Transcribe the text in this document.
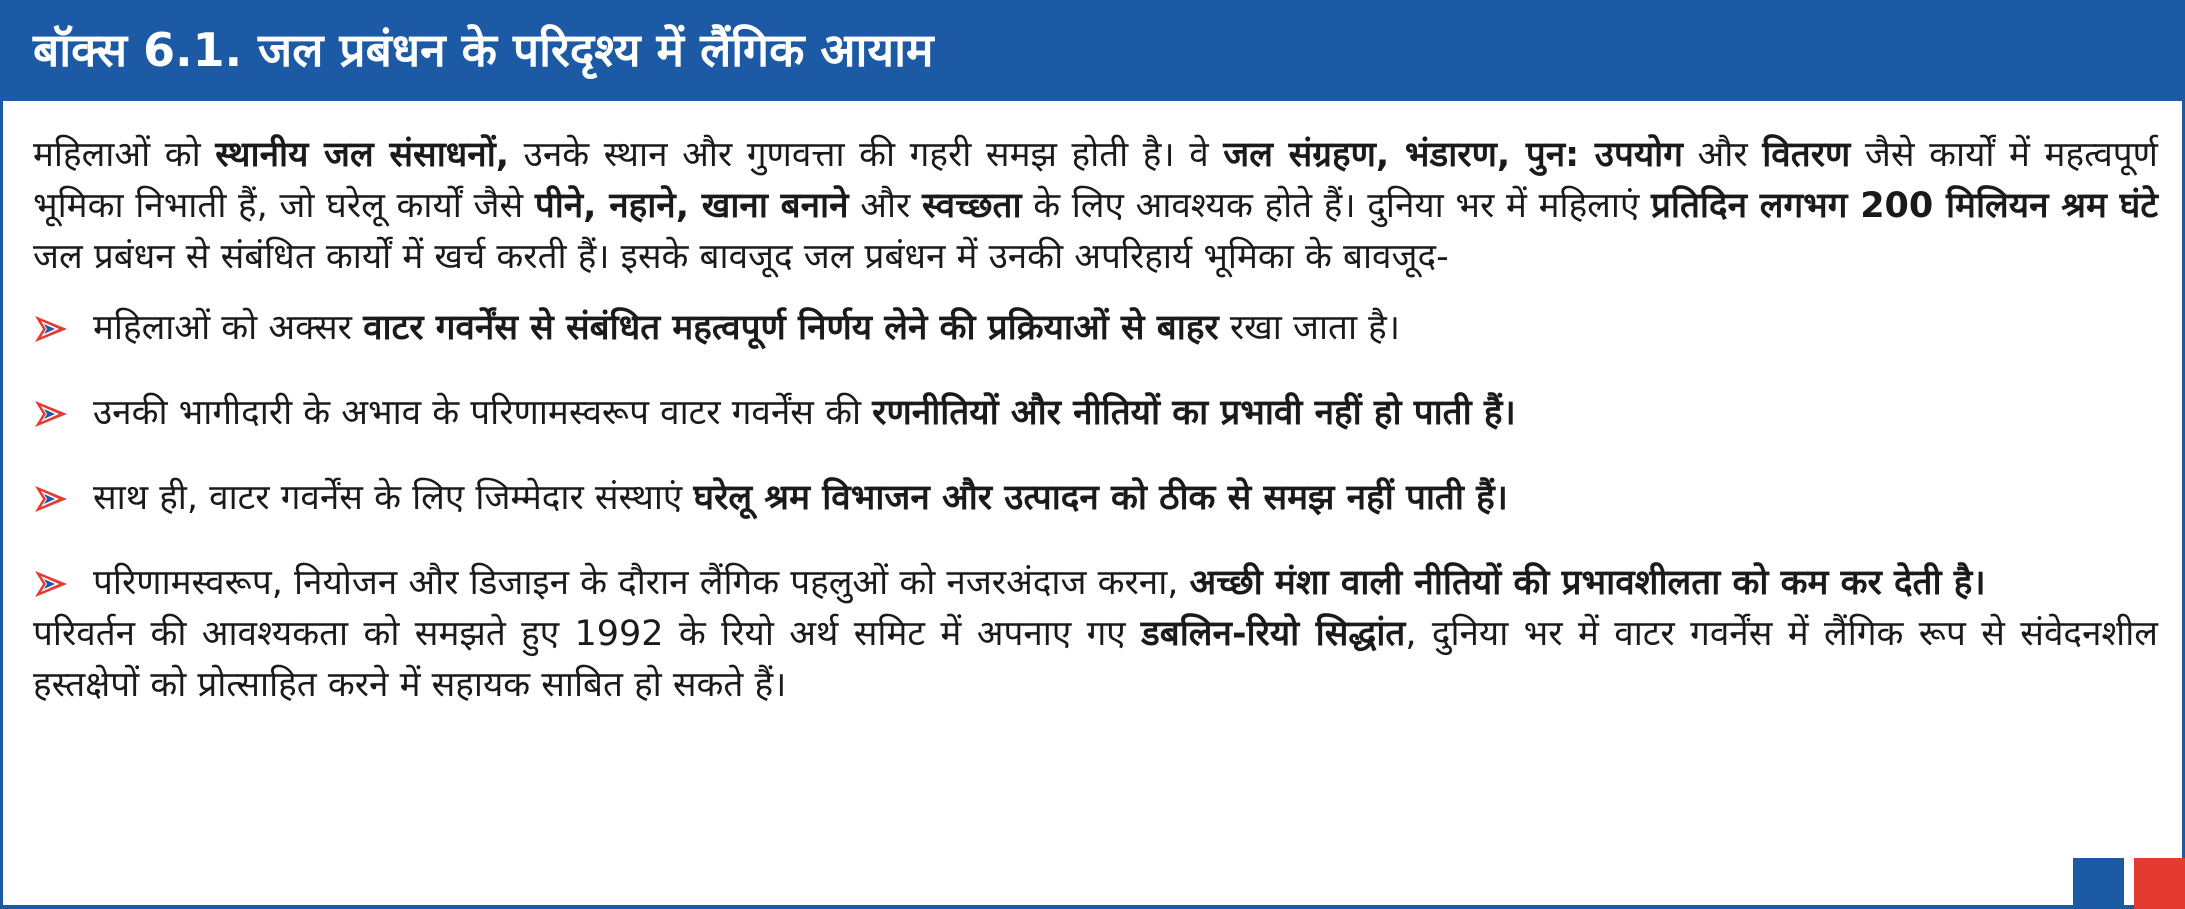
बॉक्स 6.1. जल प्रबंधन के परिदृश्य में लैंगिक आयाम

महिलाओं को स्थानीय जल संसाधनों, उनके स्थान और गुणवत्ता की गहरी समझ होती है। वे जल संग्रहण, भंडारण, पुन: उपयोग और वितरण जैसे कार्यों में महत्वपूर्ण भूमिका निभाती हैं, जो घरेलू कार्यों जैसे पीने, नहाने, खाना बनाने और स्वच्छता के लिए आवश्यक होते हैं। दुनिया भर में महिलाएं प्रतिदिन लगभग 200 मिलियन श्रम घंटे जल प्रबंधन से संबंधित कार्यों में खर्च करती हैं। इसके बावजूद जल प्रबंधन में उनकी अपरिहार्य भूमिका के बावजूद-

महिलाओं को अक्सर वाटर गवर्नेंस से संबंधित महत्वपूर्ण निर्णय लेने की प्रक्रियाओं से बाहर रखा जाता है।
उनकी भागीदारी के अभाव के परिणामस्वरूप वाटर गवर्नेंस की रणनीतियों और नीतियों का प्रभावी नहीं हो पाती हैं।
साथ ही, वाटर गवर्नेंस के लिए जिम्मेदार संस्थाएं घरेलू श्रम विभाजन और उत्पादन को ठीक से समझ नहीं पाती हैं।
परिणामस्वरूप, नियोजन और डिजाइन के दौरान लैंगिक पहलुओं को नजरअंदाज करना, अच्छी मंशा वाली नीतियों की प्रभावशीलता को कम कर देती है।

परिवर्तन की आवश्यकता को समझते हुए 1992 के रियो अर्थ समिट में अपनाए गए डबलिन-रियो सिद्धांत, दुनिया भर में वाटर गवर्नेंस में लैंगिक रूप से संवेदनशील हस्तक्षेपों को प्रोत्साहित करने में सहायक साबित हो सकते हैं।
